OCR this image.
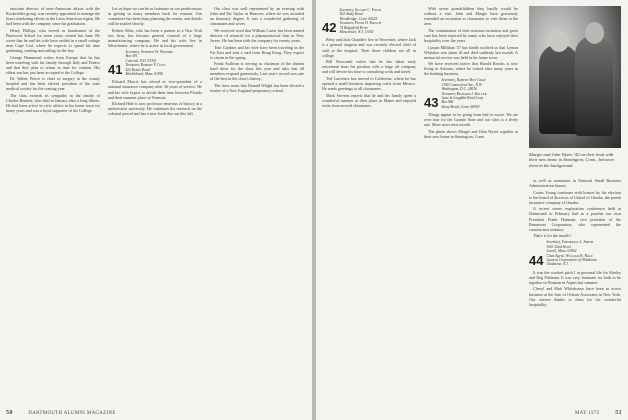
assistant director of inter-American affairs with the Rockefeller group, was recently appointed to manage the firm's marketing efforts in the Latin American region. He had been with the company since his graduation.

Henry Phillips, who served as headmaster of the Pinewood School for some years, retired last June. He wrote that he and his wife have settled in a small cottage near Cape Cod, where he expects to spend his time gardening, reading and sailing on the bay.

George Hammond writes from Europe that he has been traveling with his family through Italy and France and that they plan to return in time for reunion. His eldest son has just been accepted at the College.

Dr. Walter Pierce is chief of surgery at the county hospital and has been elected president of the state medical society for the coming year.

The class extends its sympathy to the family of Charles Bennett, who died in January after a long illness. He had been active in civic affairs in his home town for many years and was a loyal supporter of the College.

Let us hope we can be as fortunate as our predecessors in getting so many members back for reunion. Our committee has been busy planning the events, and details will be mailed shortly.

Robert Allen, who has been a partner in a New York law firm, has become general counsel of a large manufacturing company. He and his wife live in Westchester, where he is active in local government.

41
Secretary, Stephen W. Winship
Box 381
Concord, N.H. 03301
Treasurer, Robert P. Cole
422 Bexter Road
Marblehead, Mass. 01945

Edward Morris has retired as vice-president of a national insurance company after 36 years of service. He and his wife expect to divide their time between Florida and their summer place in Vermont.

Richard Hale is now professor emeritus of history at a midwestern university. He continues his research on the colonial period and has a new book due out this fall.

Our class was well represented by an evening with John and Pat Taylor in Hanover, where he was awarded an honorary degree. It was a wonderful gathering of classmates and wives.

We received word that William Carter has been named director of research for a pharmaceutical firm in New Jersey. He has been with the company for twenty years.

Tom Gardner and his wife have been traveling in the Far East and sent a card from Hong Kong. They expect to return in the spring.

Frank Sullivan is serving as chairman of the alumni fund drive for the class this year and asks that all members respond generously. Last year's record was one of the best in the class's history.

The class notes that Donald Wright has been elected a trustee of a New England preparatory school.

50	DARTMOUTH ALUMNI MAGAZINE
42
Secretary, Stuart C. Finch
562 Amity Road
Woodbridge, Conn. 06525
Treasurer, Peter H. Kirsch
74 Ridgefield Drive
Manchester, N.Y. 11030

Betty and Jack Chandler live in Worcester, where Jack is a general surgeon and was recently elected chief of staff at the hospital. Their three children are all in college.

Bill Newcomb writes that he has taken early retirement from his position with a large oil company and will devote his time to consulting work and travel.

Ted Lawrence has moved to California, where he has opened a small business importing crafts from Mexico. He sends greetings to all classmates.

Mark Stevens reports that he and his family spent a wonderful summer at their place in Maine and enjoyed visits from several classmates.

With seven grandchildren they hardly would be without a visit. John and Margie have graciously extended an invitation to classmates to visit them in the area.

The continuation of their mission invitation and great care has been reported by many who have enjoyed their hospitality over the years.

Lyman Millikan '37 has kindly notified us that Lyman Whitaker was taken ill and died suddenly last month. A memorial service was held in his home town.

We have received notice that Harold Brooks is now living in Arizona, where he retired after many years in the banking business.

43
Secretary, Robert Boy Gray
3180 Connecticut Ave., N.W.
Washington, D.C. 20036
Treasurer, Richard J. Keller
Lane & Laughlin Road Corp.
Box 906
Stony Brook, Conn. 06900

Things appear to be going from bad to worse. We are over four for the Granite State and our class is a lively one. More news next month.

The photo shows Margie and John Wyzer together at their new home in Stonington, Conn.

Margie and John Wyzer '42 on their boat with their new home in Stonington, Conn., between them in the background.

as well as nominator in National Small Business Administration honors.

Coutts Young continues with honors by his election to the board of directors of United of Omaha, the parent insurance company of Omaha.

A recent career exploration conference held at Dartmouth in February had as a panelist our own President Frank Hartman, vice president of the Beaumont Corporation, who represented the construction industry.

That's it for the month!

44
Secretary, Frederick L. Smith
3061 52nd Street
Lowell, Mass. 01852
Class Agent, William R. Hale
Lazarus Corporation of Oklahoma
Gladstone, N.J.

It was the cracked pitch I in personal life for Shirley and Reg Feldman. It was very fortunate for both to be together in Norman in Aspen last summer.

Cheryl and Matt Whitehouse have been in active business at the firm of Osborn Associates in New York. Our sincere thanks to them for the wonderful hospitality.

MAY 1972	51
